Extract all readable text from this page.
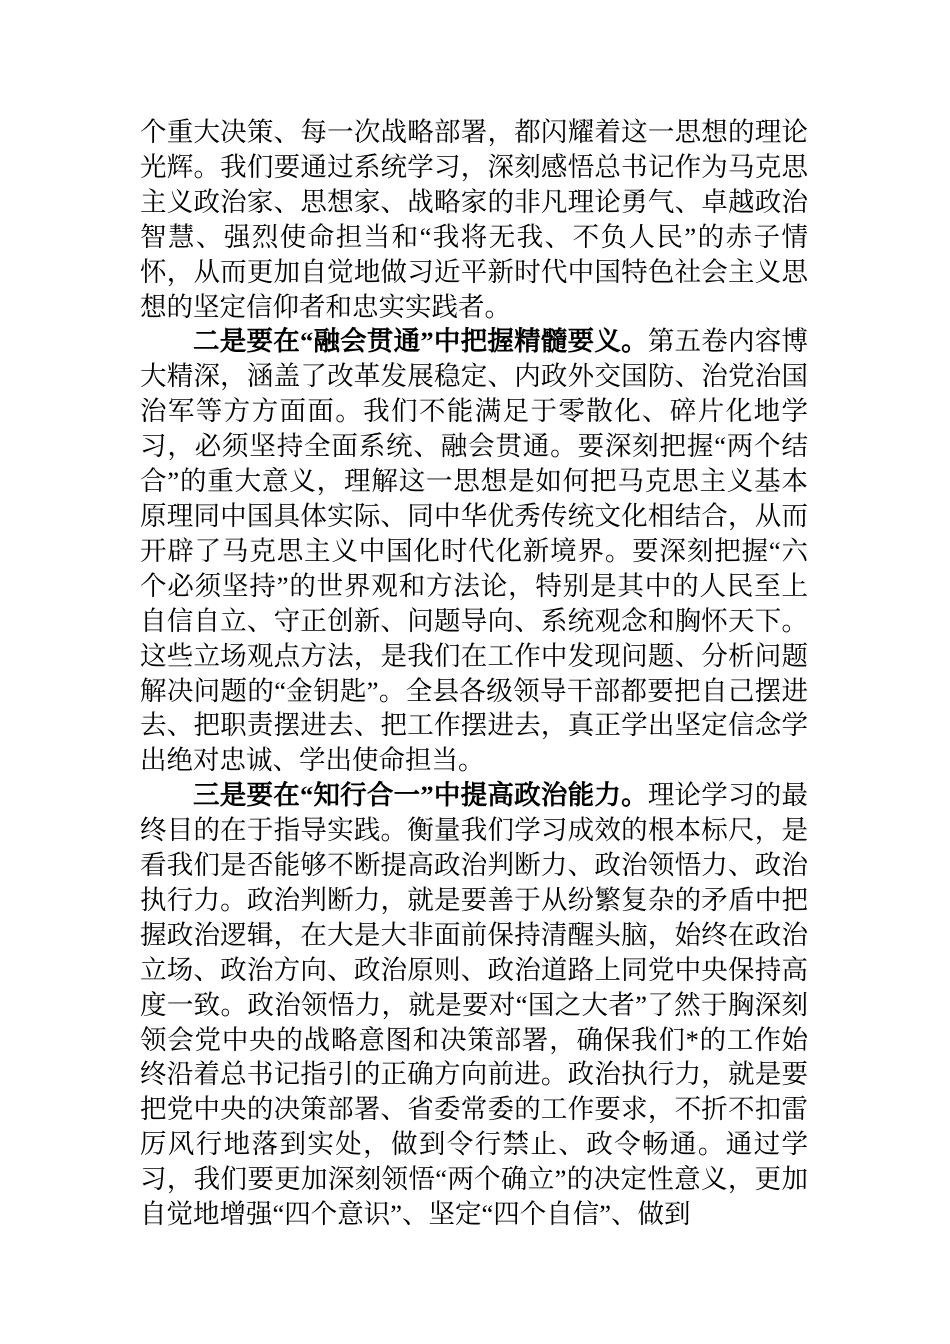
个重大决策、每一次战略部署，都闪耀着这一思想的理论光辉。我们要通过系统学习，深刻感悟总书记作为马克思主义政治家、思想家、战略家的非凡理论勇气、卓越政治智慧、强烈使命担当和“我将无我、不负人民”的赤子情怀，从而更加自觉地做习近平新时代中国特色社会主义思想的坚定信仰者和忠实实践者。

二是要在“融会贯通”中把握精髓要义。第五卷内容博大精深，涵盖了改革发展稳定、内政外交国防、治党治国治军等方方面面。我们不能满足于零散化、碎片化地学习，必须坚持全面系统、融会贯通。要深刻把握“两个结合”的重大意义，理解这一思想是如何把马克思主义基本原理同中国具体实际、同中华优秀传统文化相结合，从而开辟了马克思主义中国化时代化新境界。要深刻把握“六个必须坚持”的世界观和方法论，特别是其中的人民至上自信自立、守正创新、问题导向、系统观念和胸怀天下。这些立场观点方法，是我们在工作中发现问题、分析问题解决问题的“金钥匙”。全县各级领导干部都要把自己摆进去、把职责摆进去、把工作摆进去，真正学出坚定信念学出绝对忠诚、学出使命担当。

三是要在“知行合一”中提高政治能力。理论学习的最终目的在于指导实践。衡量我们学习成效的根本标尺，是看我们是否能够不断提高政治判断力、政治领悟力、政治执行力。政治判断力，就是要善于从纷繁复杂的矛盾中把握政治逻辑，在大是大非面前保持清醒头脑，始终在政治立场、政治方向、政治原则、政治道路上同党中央保持高度一致。政治领悟力，就是要对“国之大者”了然于胸深刻领会党中央的战略意图和决策部署，确保我们*的工作始终沿着总书记指引的正确方向前进。政治执行力，就是要把党中央的决策部署、省委常委的工作要求，不折不扣雷厉风行地落到实处，做到令行禁止、政令畅通。通过学习，我们要更加深刻领悟“两个确立”的决定性意义，更加自觉地增强“四个意识”、坚定“四个自信”、做到
